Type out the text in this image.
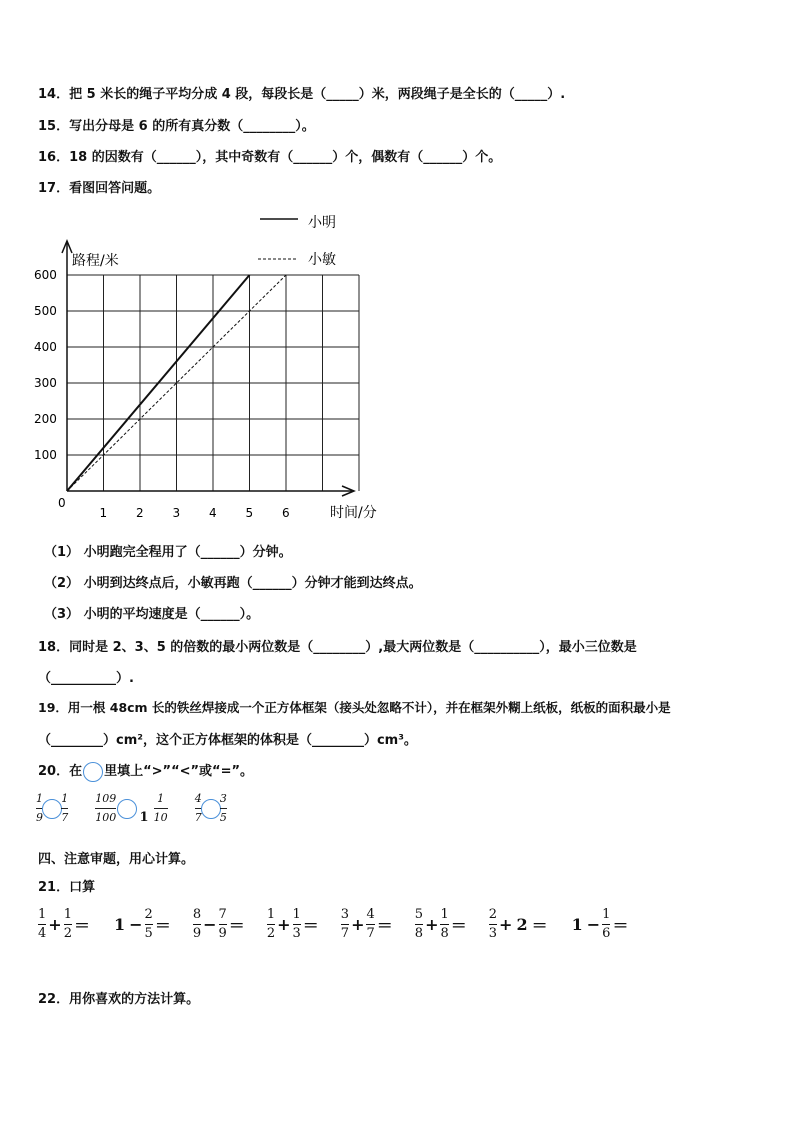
14．把 5 米长的绳子平均分成 4 段，每段长是（_____）米，两段绳子是全长的（_____）.
15．写出分母是 6 的所有真分数（________）。
16．18 的因数有（______），其中奇数有（______）个，偶数有（______）个。
17．看图回答问题。
1 2 3 4 5 6
100
200
300
400
500
600
小明
小敏
路程/米
时间/分
0
（1） 小明跑完全程用了（______）分钟。
（2） 小明到达终点后，小敏再跑（______）分钟才能到达终点。
（3） 小明的平均速度是（______）。
18．同时是 2、3、5 的倍数的最小两位数是（________）,最大两位数是（__________），最小三位数是
（__________）.
19．用一根 48cm 长的铁丝焊接成一个正方体框架（接头处忽略不计），并在框架外糊上纸板，纸板的面积最小是
（________）cm²，这个正方体框架的体积是（________）cm³。
20．在 里填上“>”“<”或“=”。
$\frac{1}{9}$
$\frac{1}{7}$
$\frac{109}{100} _1 \frac{1}{10}$
$\frac{4}{7}$
$\frac{3}{5}$
四、注意审题，用心计算。
21．口算
1
4 +
1
2 ＝ 1 −
2
5 ＝
8
9 −
7
9 ＝
1
2 +
1
3 ＝
3
7 +
4
7 ＝
5
8 +
1
8 ＝
2
3 + 2 ＝ 1 −
1
6 ＝
22．用你喜欢的方法计算。
